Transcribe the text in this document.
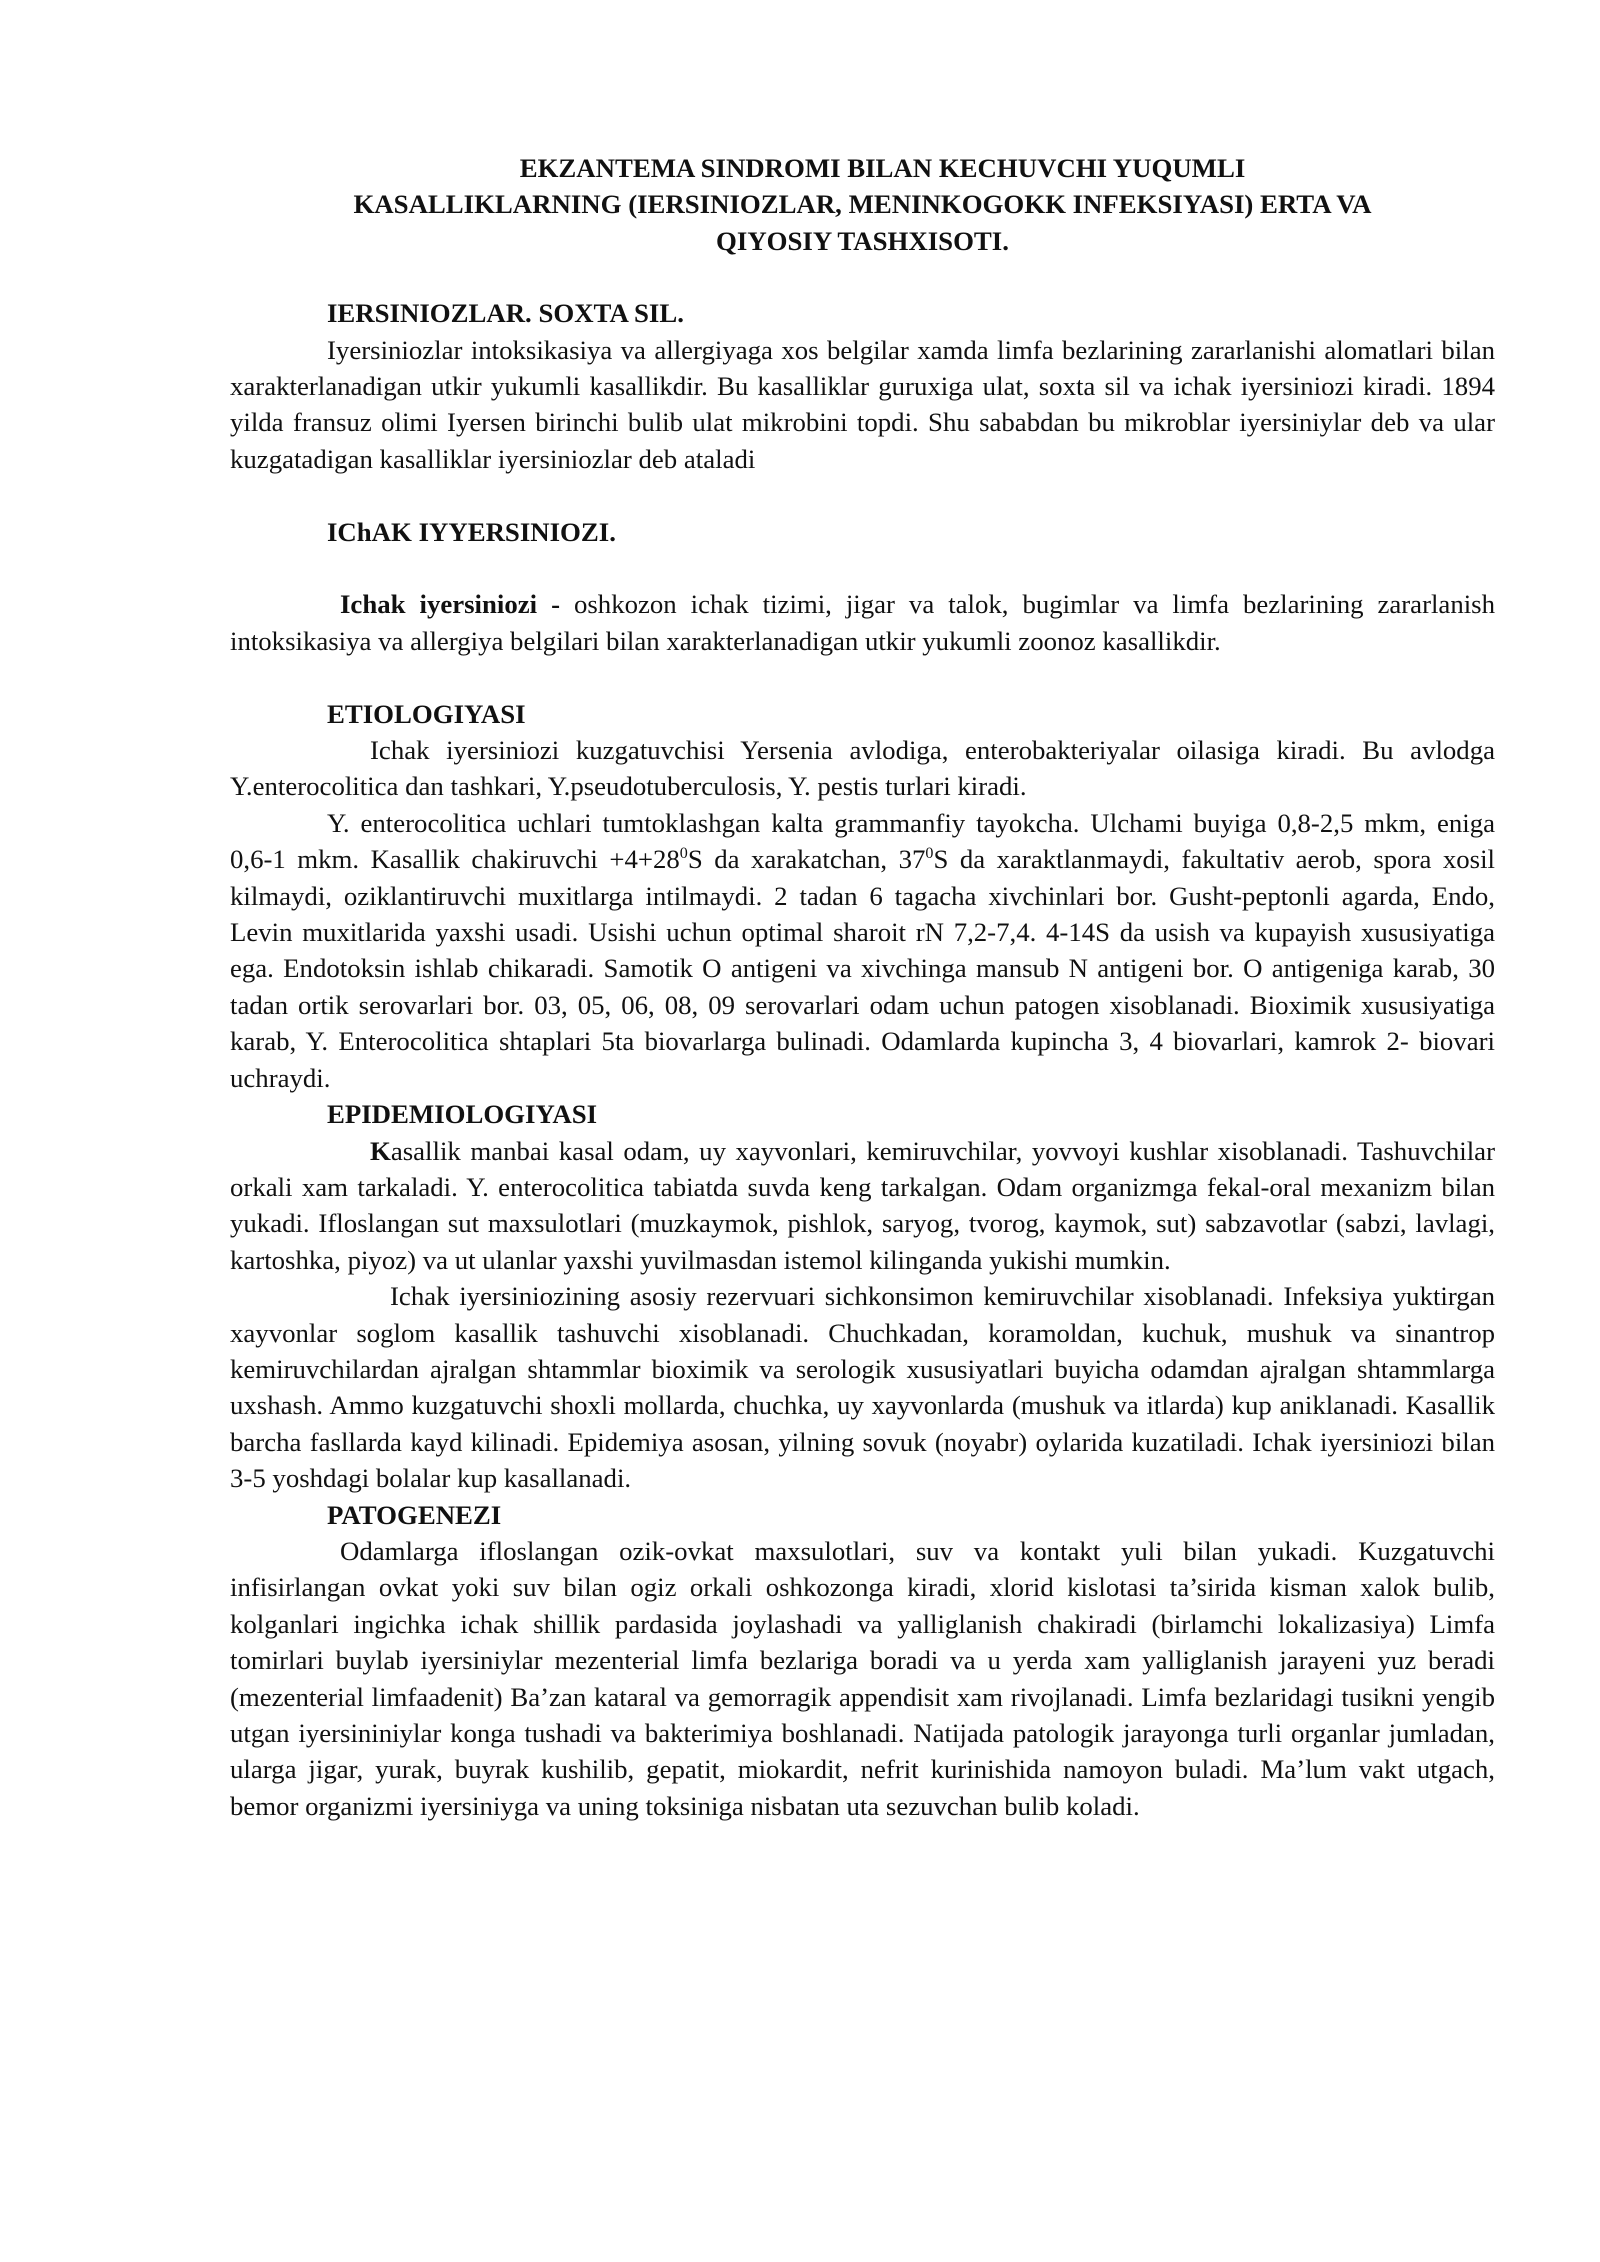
EKZANTEMA SINDROMI BILAN KECHUVCHI YUQUMLI
KASALLIKLARNING (IERSINIOZLAR, MENINKOGOKK INFEKSIYASI) ERTA VA
QIYOSIY TASHXISOTI.
IERSINIOZLAR. SOXTA SIL.

Iyersiniozlar intoksikasiya va allergiyaga xos belgilar xamda limfa bezlarining zararlanishi alomatlari bilan xarakterlanadigan utkir yukumli kasallikdir. Bu kasalliklar guruxiga ulat, soxta sil va ichak iyersiniozi kiradi. 1894 yilda fransuz olimi Iyersen birinchi bulib ulat mikrobini topdi. Shu sababdan bu mikroblar iyersiniylar deb va ular kuzgatadigan kasalliklar iyersiniozlar deb ataladi

IChAK IYYERSINIOZI.

Ichak iyersiniozi - oshkozon ichak tizimi, jigar va talok, bugimlar va limfa bezlarining zararlanish intoksikasiya va allergiya belgilari bilan xarakterlanadigan utkir yukumli zoonoz kasallikdir.

ETIOLOGIYASI

Ichak iyersiniozi kuzgatuvchisi Yersenia avlodiga, enterobakteriyalar oilasiga kiradi. Bu avlodga Y.enterocolitica dan tashkari, Y.pseudotuberculosis, Y. pestis turlari kiradi.

Y. enterocolitica uchlari tumtoklashgan kalta grammanfiy tayokcha. Ulchami buyiga 0,8-2,5 mkm, eniga 0,6-1 mkm. Kasallik chakiruvchi $+4+28^0S$ da xarakatchan, $37^0S$ da xaraktlanmaydi, fakultativ aerob, spora xosil kilmaydi, oziklantiruvchi muxitlarga intilmaydi. 2 tadan 6 tagacha xivchinlari bor. Gusht-peptonli agarda, Endo, Levin muxitlarida yaxshi usadi. Usishi uchun optimal sharoit rN 7,2-7,4. 4-14S da usish va kupayish xususiyatiga ega. Endotoksin ishlab chikaradi. Samotik O antigeni va xivchinga mansub N antigeni bor. O antigeniga karab, 30 tadan ortik serovarlari bor. 03, 05, 06, 08, 09 serovarlari odam uchun patogen xisoblanadi. Bioximik xususiyatiga karab, Y. Enterocolitica shtaplari 5ta biovarlarga bulinadi. Odamlarda kupincha 3, 4 biovarlari, kamrok 2- biovari uchraydi.

EPIDEMIOLOGIYASI

Kasallik manbai kasal odam, uy xayvonlari, kemiruvchilar, yovvoyi kushlar xisoblanadi. Tashuvchilar orkali xam tarkaladi. Y. enterocolitica tabiatda suvda keng tarkalgan. Odam organizmga fekal-oral mexanizm bilan yukadi. Ifloslangan sut maxsulotlari (muzkaymok, pishlok, saryog, tvorog, kaymok, sut) sabzavotlar (sabzi, lavlagi, kartoshka, piyoz) va ut ulanlar yaxshi yuvilmasdan istemol kilinganda yukishi mumkin.

Ichak iyersiniozining asosiy rezervuari sichkonsimon kemiruvchilar xisoblanadi. Infeksiya yuktirgan xayvonlar soglom kasallik tashuvchi xisoblanadi. Chuchkadan, koramoldan, kuchuk, mushuk va sinantrop kemiruvchilardan ajralgan shtammlar bioximik va serologik xususiyatlari buyicha odamdan ajralgan shtammlarga uxshash. Ammo kuzgatuvchi shoxli mollarda, chuchka, uy xayvonlarda (mushuk va itlarda) kup aniklanadi. Kasallik barcha fasllarda kayd kilinadi. Epidemiya asosan, yilning sovuk (noyabr) oylarida kuzatiladi. Ichak iyersiniozi bilan 3-5 yoshdagi bolalar kup kasallanadi.

PATOGENEZI

Odamlarga ifloslangan ozik-ovkat maxsulotlari, suv va kontakt yuli bilan yukadi. Kuzgatuvchi infisirlangan ovkat yoki suv bilan ogiz orkali oshkozonga kiradi, xlorid kislotasi ta’sirida kisman xalok bulib, kolganlari ingichka ichak shillik pardasida joylashadi va yalliglanish chakiradi (birlamchi lokalizasiya) Limfa tomirlari buylab iyersiniylar mezenterial limfa bezlariga boradi va u yerda xam yalliglanish jarayeni yuz beradi (mezenterial limfaadenit) Ba’zan kataral va gemorragik appendisit xam rivojlanadi. Limfa bezlaridagi tusikni yengib utgan iyersininiylar konga tushadi va bakterimiya boshlanadi. Natijada patologik jarayonga turli organlar jumladan, ularga jigar, yurak, buyrak kushilib, gepatit, miokardit, nefrit kurinishida namoyon buladi. Ma’lum vakt utgach, bemor organizmi iyersiniyga va uning toksiniga nisbatan uta sezuvchan bulib koladi.
